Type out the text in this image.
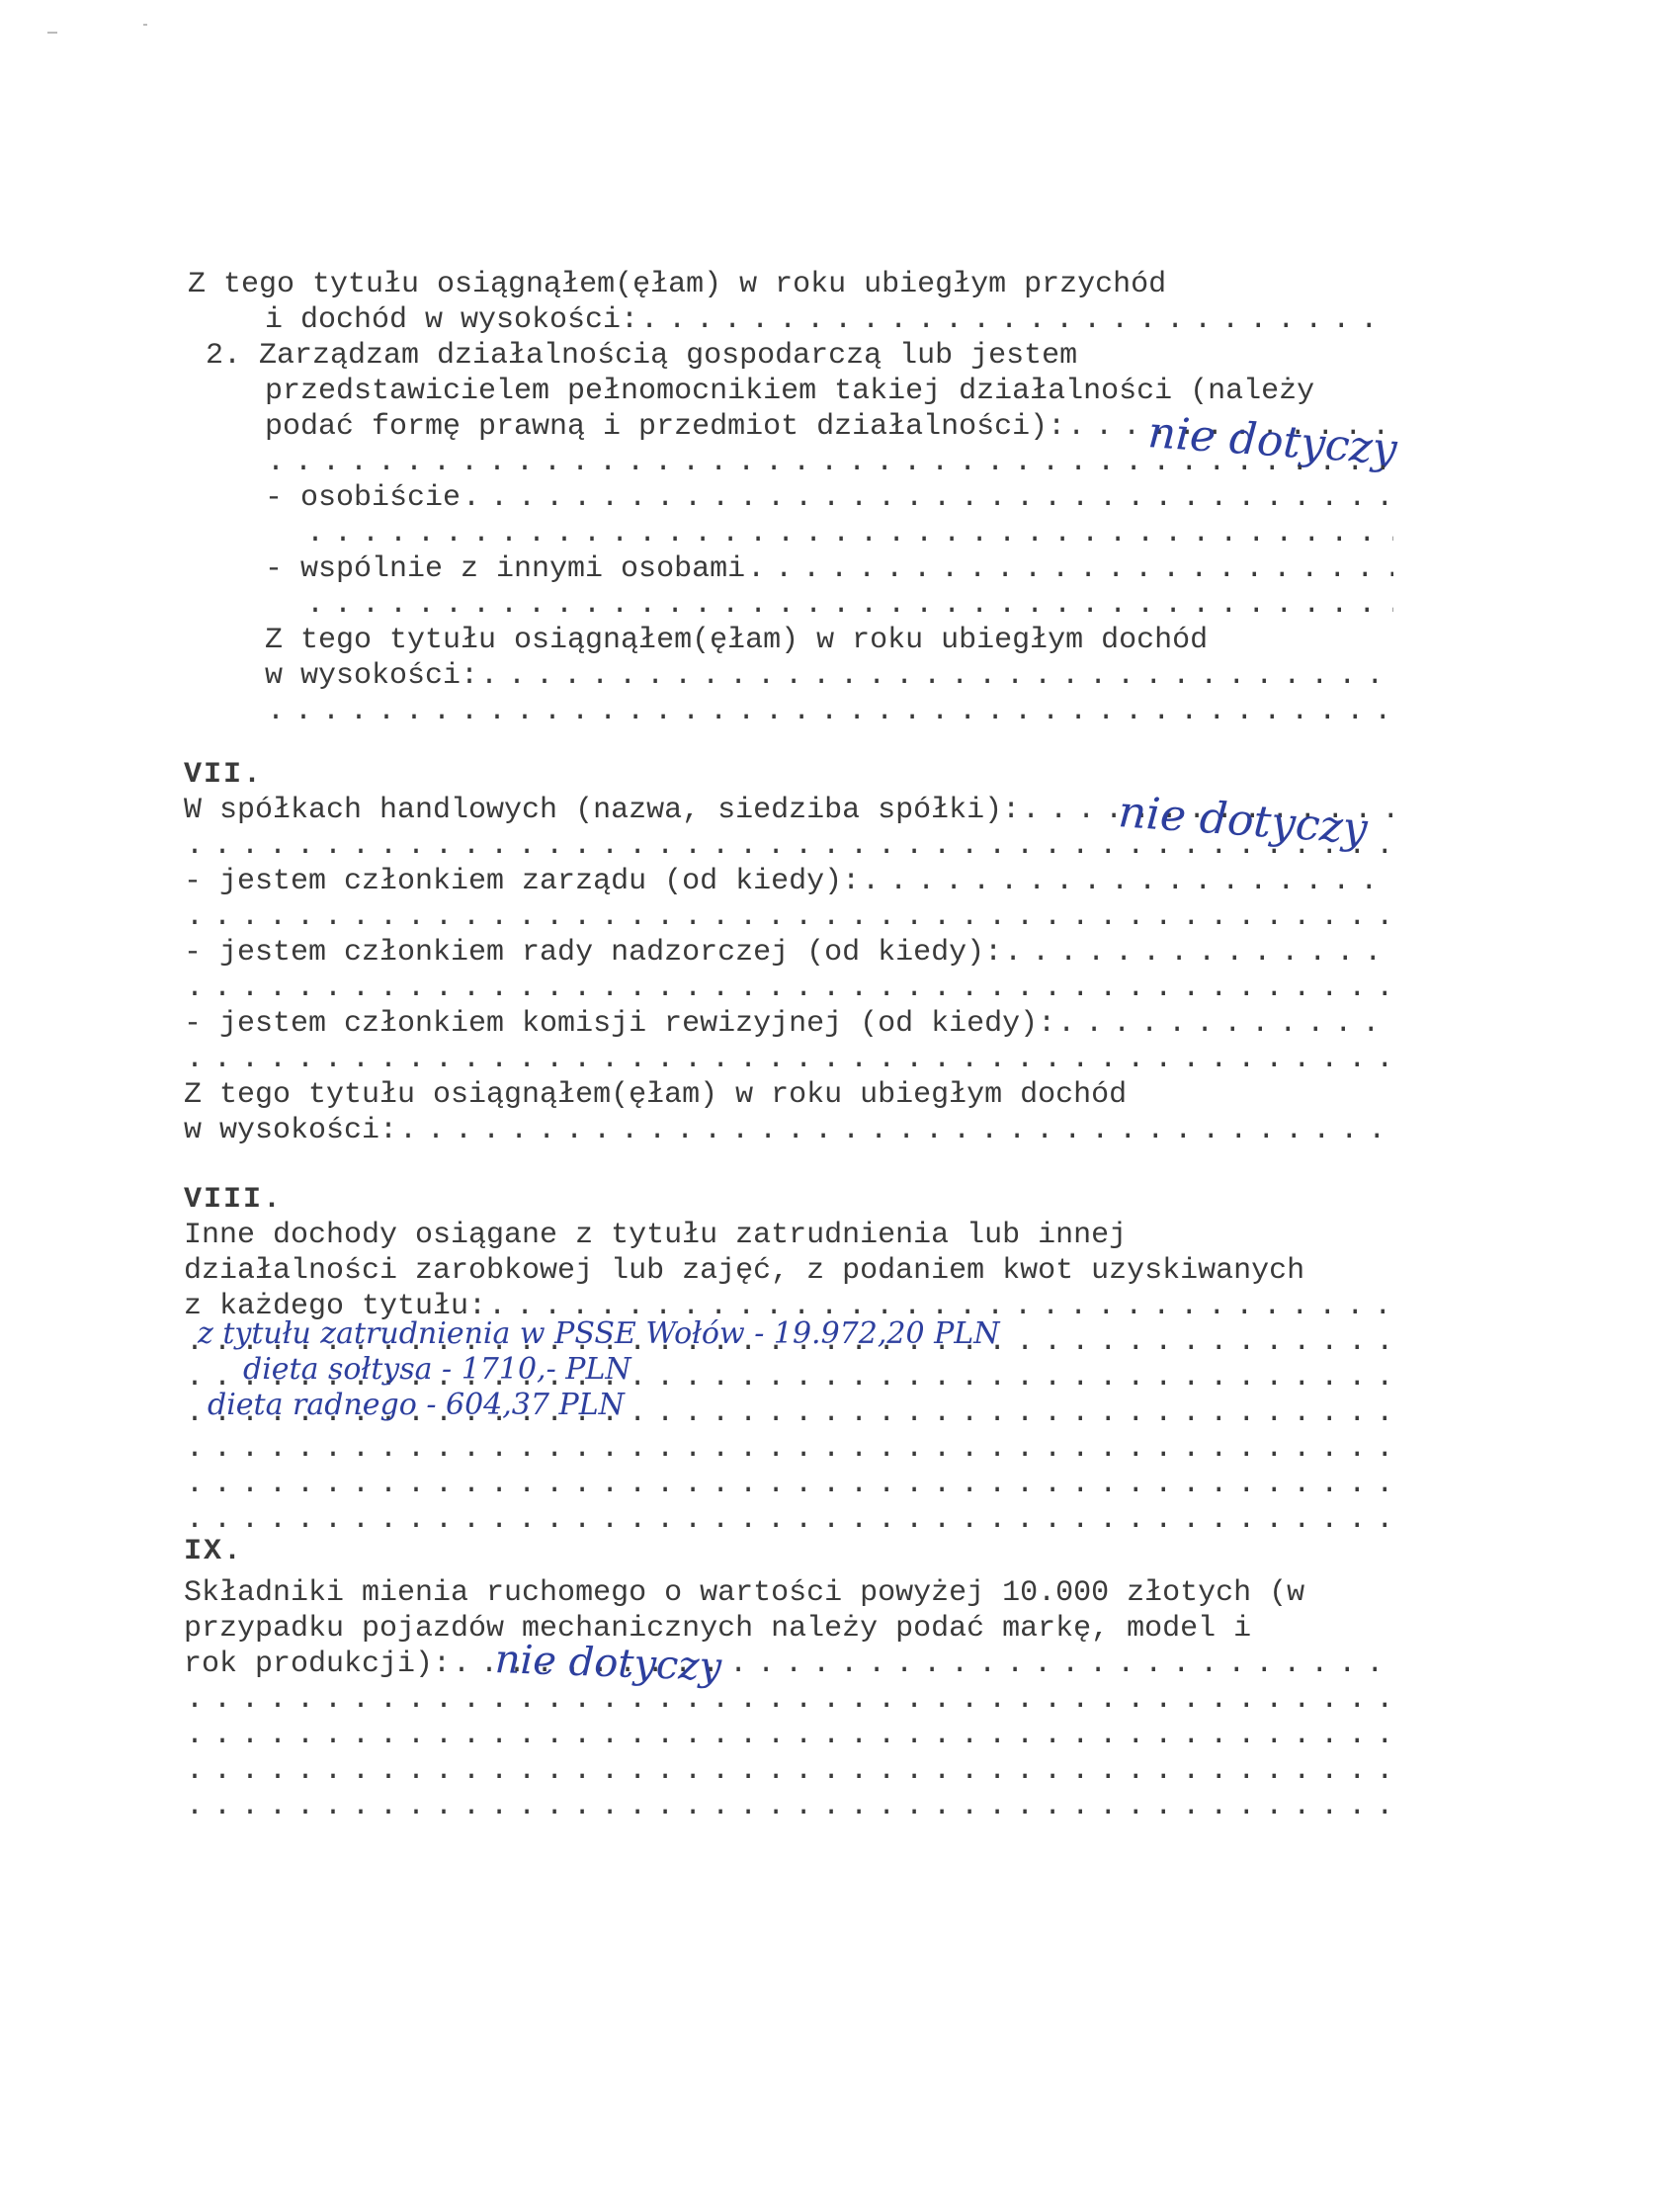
Z tego tytułu osiągnąłem(ęłam) w roku ubiegłym przychód
i dochód w wysokości:
. . .
2. Zarządzam działalnością gospodarczą lub jestem
przedstawicielem pełnomocnikiem takiej działalności (należy
podać formę prawną i przedmiot działalności): . . . nie dotyczy
. . .
- osobiście
. . .
. . .
- wspólnie z innymi osobami
. . .
. . .
Z tego tytułu osiągnąłem(ęłam) w roku ubiegłym dochód
w wysokości:
. . .
. . .
VII.
W spółkach handlowych (nazwa, siedziba spółki): . . . nie dotyczy
. . .
- jestem członkiem zarządu (od kiedy):
. . .
. . .
- jestem członkiem rady nadzorczej (od kiedy):
. . .
. . .
- jestem członkiem komisji rewizyjnej (od kiedy):
. . .
. . .
Z tego tytułu osiągnąłem(ęłam) w roku ubiegłym dochód
w wysokości:
. . .
VIII.
Inne dochody osiągane z tytułu zatrudnienia lub innej
działalności zarobkowej lub zajęć, z podaniem kwot uzyskiwanych
z każdego tytułu:
. . .
. . .
z tytułu zatrudnienia w PSSE Wołów - 19.972,20 PLN
. . .
dieta sołtysa - 1710,- PLN
. . .
dieta radnego - 604,37 PLN
. . .
. . .
. . .
IX.
Składniki mienia ruchomego o wartości powyżej 10.000 złotych (w
przypadku pojazdów mechanicznych należy podać markę, model i
rok produkcji): . . . nie dotyczy
. . .
. . .
. . .
. . .
